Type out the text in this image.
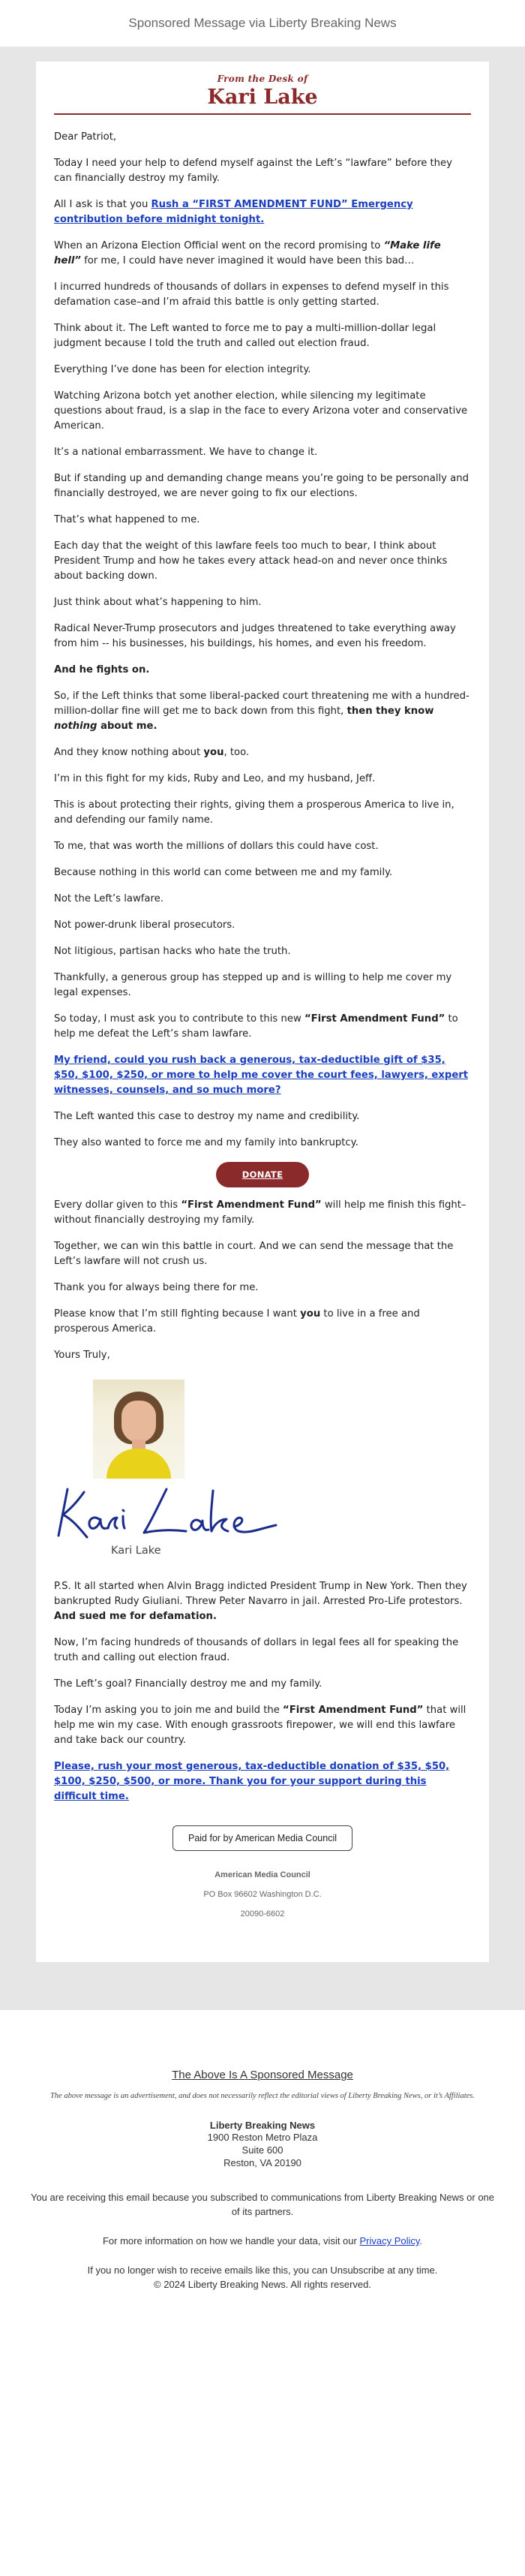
Sponsored Message via Liberty Breaking News
From the Desk of
Kari Lake

Dear Patriot,

Today I need your help to defend myself against the Left’s “lawfare” before they can financially destroy my family.

All I ask is that you Rush a “FIRST AMENDMENT FUND” Emergency contribution before midnight tonight.

When an Arizona Election Official went on the record promising to “Make life hell” for me, I could have never imagined it would have been this bad…

I incurred hundreds of thousands of dollars in expenses to defend myself in this defamation case–and I’m afraid this battle is only getting started.

Think about it. The Left wanted to force me to pay a multi-million-dollar legal judgment because I told the truth and called out election fraud.

Everything I’ve done has been for election integrity.

Watching Arizona botch yet another election, while silencing my legitimate questions about fraud, is a slap in the face to every Arizona voter and conservative American.

It’s a national embarrassment. We have to change it.

But if standing up and demanding change means you’re going to be personally and financially destroyed, we are never going to fix our elections.

That’s what happened to me.

Each day that the weight of this lawfare feels too much to bear, I think about President Trump and how he takes every attack head-on and never once thinks about backing down.

Just think about what’s happening to him.

Radical Never-Trump prosecutors and judges threatened to take everything away from him -- his businesses, his buildings, his homes, and even his freedom.

And he fights on.

So, if the Left thinks that some liberal-packed court threatening me with a hundred-million-dollar fine will get me to back down from this fight, then they know nothing about me.

And they know nothing about you, too.

I’m in this fight for my kids, Ruby and Leo, and my husband, Jeff.

This is about protecting their rights, giving them a prosperous America to live in, and defending our family name.

To me, that was worth the millions of dollars this could have cost.

Because nothing in this world can come between me and my family.

Not the Left’s lawfare.

Not power-drunk liberal prosecutors.

Not litigious, partisan hacks who hate the truth.

Thankfully, a generous group has stepped up and is willing to help me cover my legal expenses.

So today, I must ask you to contribute to this new “First Amendment Fund” to help me defeat the Left’s sham lawfare.

My friend, could you rush back a generous, tax-deductible gift of $35, $50, $100, $250, or more to help me cover the court fees, lawyers, expert witnesses, counsels, and so much more?

The Left wanted this case to destroy my name and credibility.

They also wanted to force me and my family into bankruptcy.

DONATE

Every dollar given to this “First Amendment Fund” will help me finish this fight–without financially destroying my family.

Together, we can win this battle in court. And we can send the message that the Left’s lawfare will not crush us.

Thank you for always being there for me.

Please know that I’m still fighting because I want you to live in a free and prosperous America.

Yours Truly,

Kari Lake

P.S. It all started when Alvin Bragg indicted President Trump in New York. Then they bankrupted Rudy Giuliani. Threw Peter Navarro in jail. Arrested Pro-Life protestors. And sued me for defamation.

Now, I’m facing hundreds of thousands of dollars in legal fees all for speaking the truth and calling out election fraud.

The Left’s goal? Financially destroy me and my family.

Today I’m asking you to join me and build the “First Amendment Fund” that will help me win my case. With enough grassroots firepower, we will end this lawfare and take back our country.

Please, rush your most generous, tax-deductible donation of $35, $50, $100, $250, $500, or more. Thank you for your support during this difficult time.

Paid for by American Media Council
American Media Council
PO Box 96602 Washington D.C.
20090-6602
The Above Is A Sponsored Message
The above message is an advertisement, and does not necessarily reflect the editorial views of Liberty Breaking News, or it’s Affiliates.
Liberty Breaking News
1900 Reston Metro Plaza
Suite 600
Reston, VA 20190

You are receiving this email because you subscribed to communications from Liberty Breaking News or one of its partners.

For more information on how we handle your data, visit our Privacy Policy.

If you no longer wish to receive emails like this, you can Unsubscribe at any time.

© 2024 Liberty Breaking News. All rights reserved.
